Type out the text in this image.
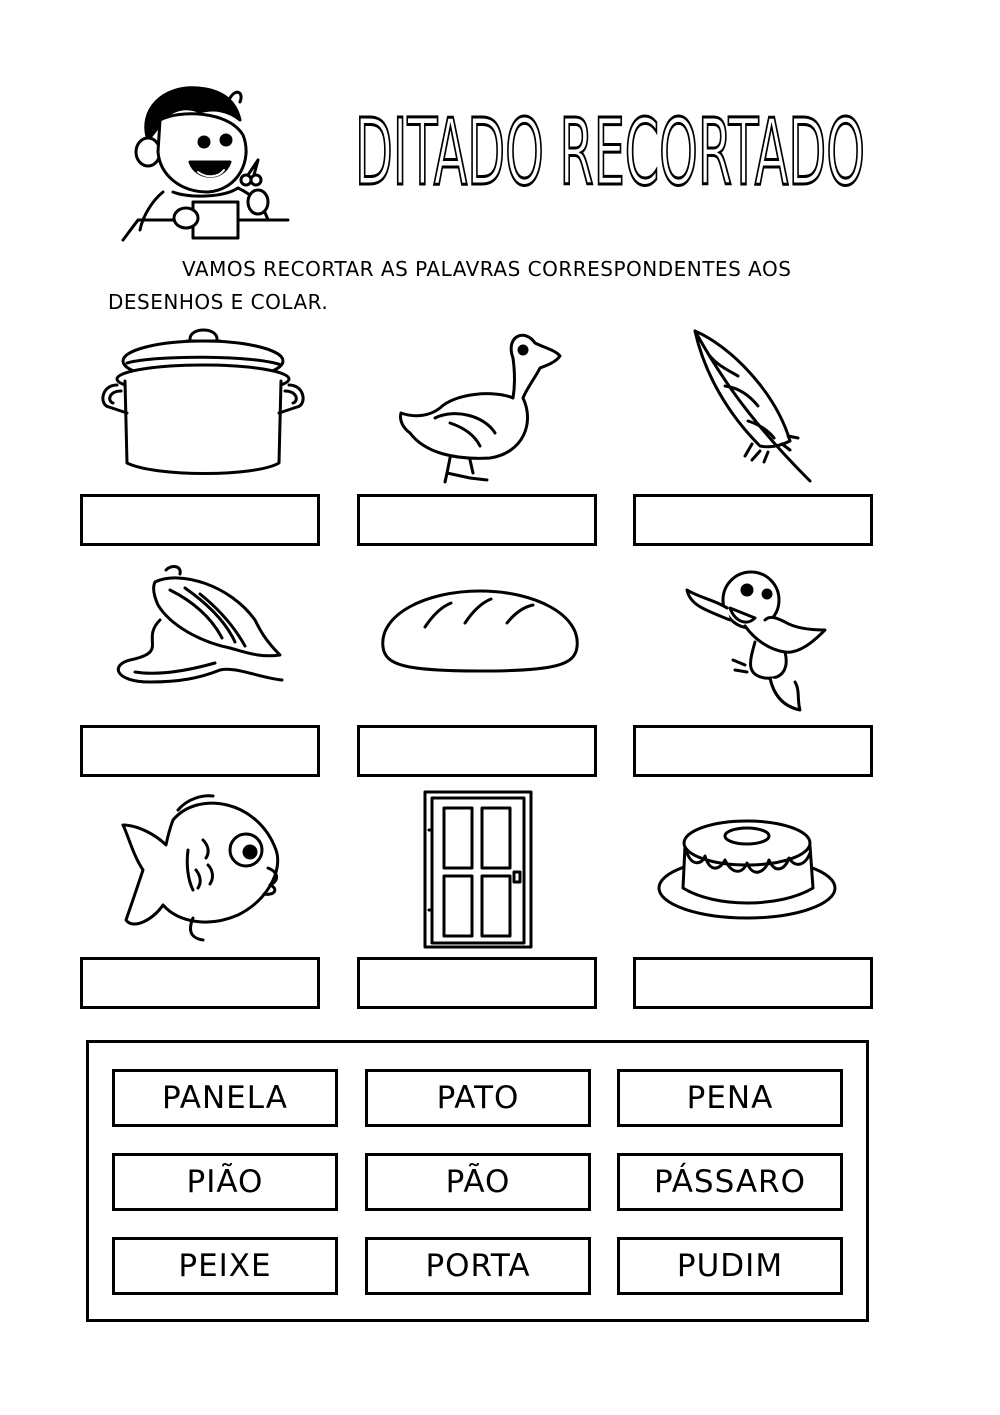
DITADO RECORTADO
VAMOS RECORTAR AS PALAVRAS CORRESPONDENTES AOS
DESENHOS E COLAR.
PANELA	PATO	PENA
PIÃO	PÃO	PÁSSARO
PEIXE	PORTA	PUDIM
